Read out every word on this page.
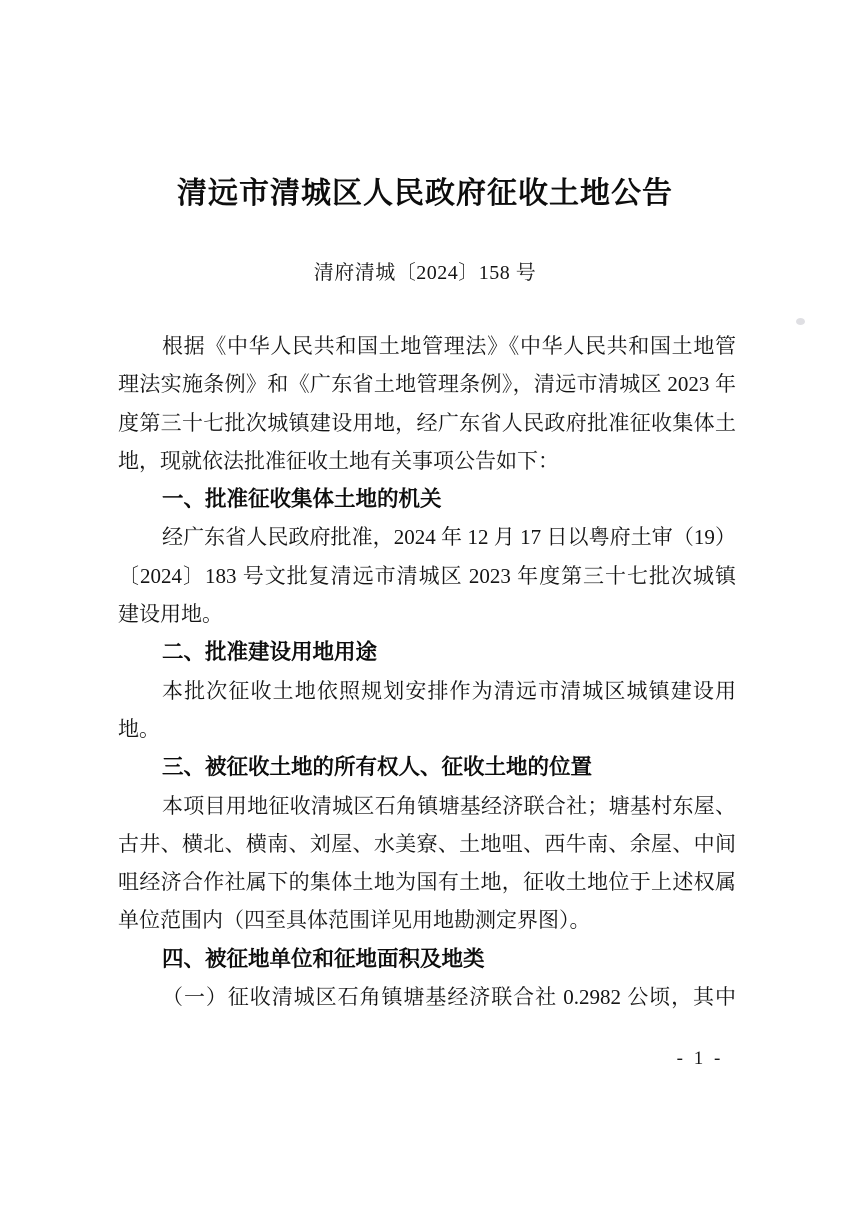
清远市清城区人民政府征收土地公告
清府清城〔2024〕158 号
根据《中华人民共和国土地管理法》《中华人民共和国土地管
理法实施条例》和《广东省土地管理条例》，清远市清城区 2023 年
度第三十七批次城镇建设用地，经广东省人民政府批准征收集体土
地，现就依法批准征收土地有关事项公告如下：
一、批准征收集体土地的机关
经广东省人民政府批准，2024 年 12 月 17 日以粤府土审（19）
〔2024〕183 号文批复清远市清城区 2023 年度第三十七批次城镇
建设用地。
二、批准建设用地用途
本批次征收土地依照规划安排作为清远市清城区城镇建设用
地。
三、被征收土地的所有权人、征收土地的位置
本项目用地征收清城区石角镇塘基经济联合社；塘基村东屋、
古井、横北、横南、刘屋、水美寮、土地咀、西牛南、余屋、中间
咀经济合作社属下的集体土地为国有土地，征收土地位于上述权属
单位范围内（四至具体范围详见用地勘测定界图）。
四、被征地单位和征地面积及地类
（一）征收清城区石角镇塘基经济联合社 0.2982 公顷，其中
- 1 -
